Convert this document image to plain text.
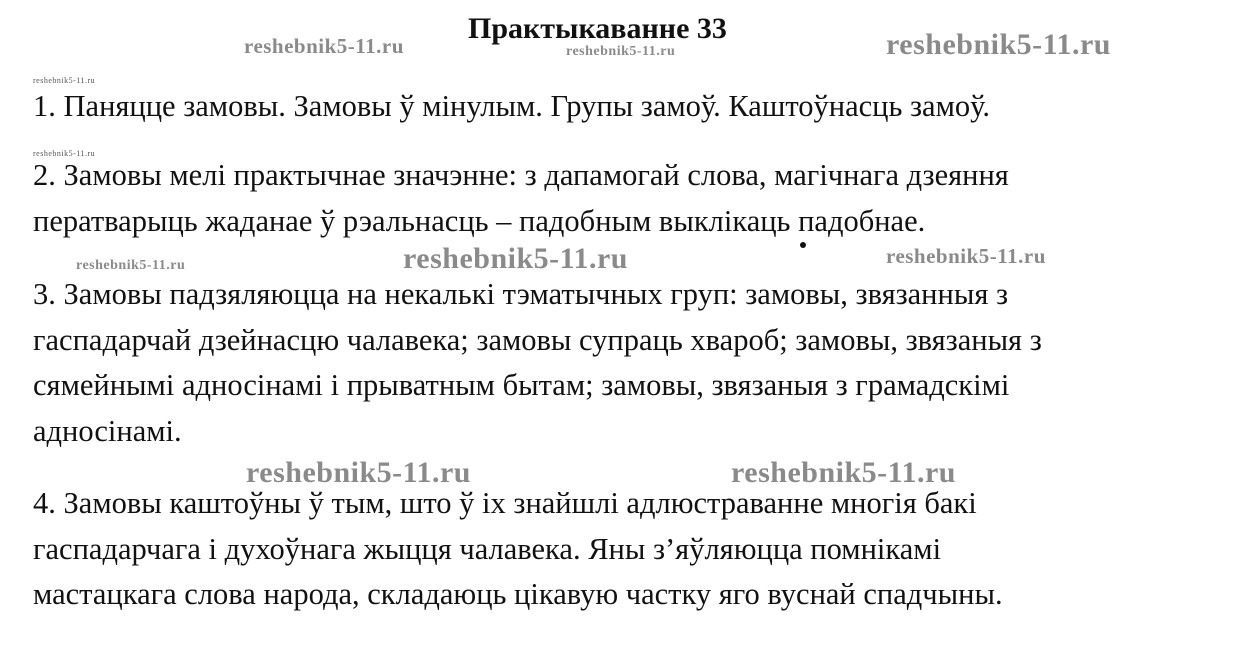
reshebnik5-11.ru	reshebnik5-11.ru	reshebnik5-11.ru
reshebnik5-11.ru
reshebnik5-11.ru
reshebnik5-11.ru	reshebnik5-11.ru	reshebnik5-11.ru
reshebnik5-11.ru	reshebnik5-11.ru
Практыкаванне 33
1. Паняцце замовы. Замовы ў мінулым. Групы замоў. Каштоўнасць замоў.
2. Замовы мелі практычнае значэнне: з дапамогай слова, магічнага дзеяння
ператварыць жаданае ў рэальнасць – падобным выклікаць падобнае.
3. Замовы падзяляюцца на некалькі тэматычных груп: замовы, звязанныя з
гаспадарчай дзейнасцю чалавека; замовы супраць хвароб; замовы, звязаныя з
сямейнымі адносінамі і прыватным бытам; замовы, звязаныя з грамадскімі
адносінамі.
4. Замовы каштоўны ў тым, што ў іх знайшлі адлюстраванне многія бакі
гаспадарчага і духоўнага жыцця чалавека. Яны з’яўляюцца помнікамі
мастацкага слова народа, складаюць цікавую частку яго вуснай спадчыны.
